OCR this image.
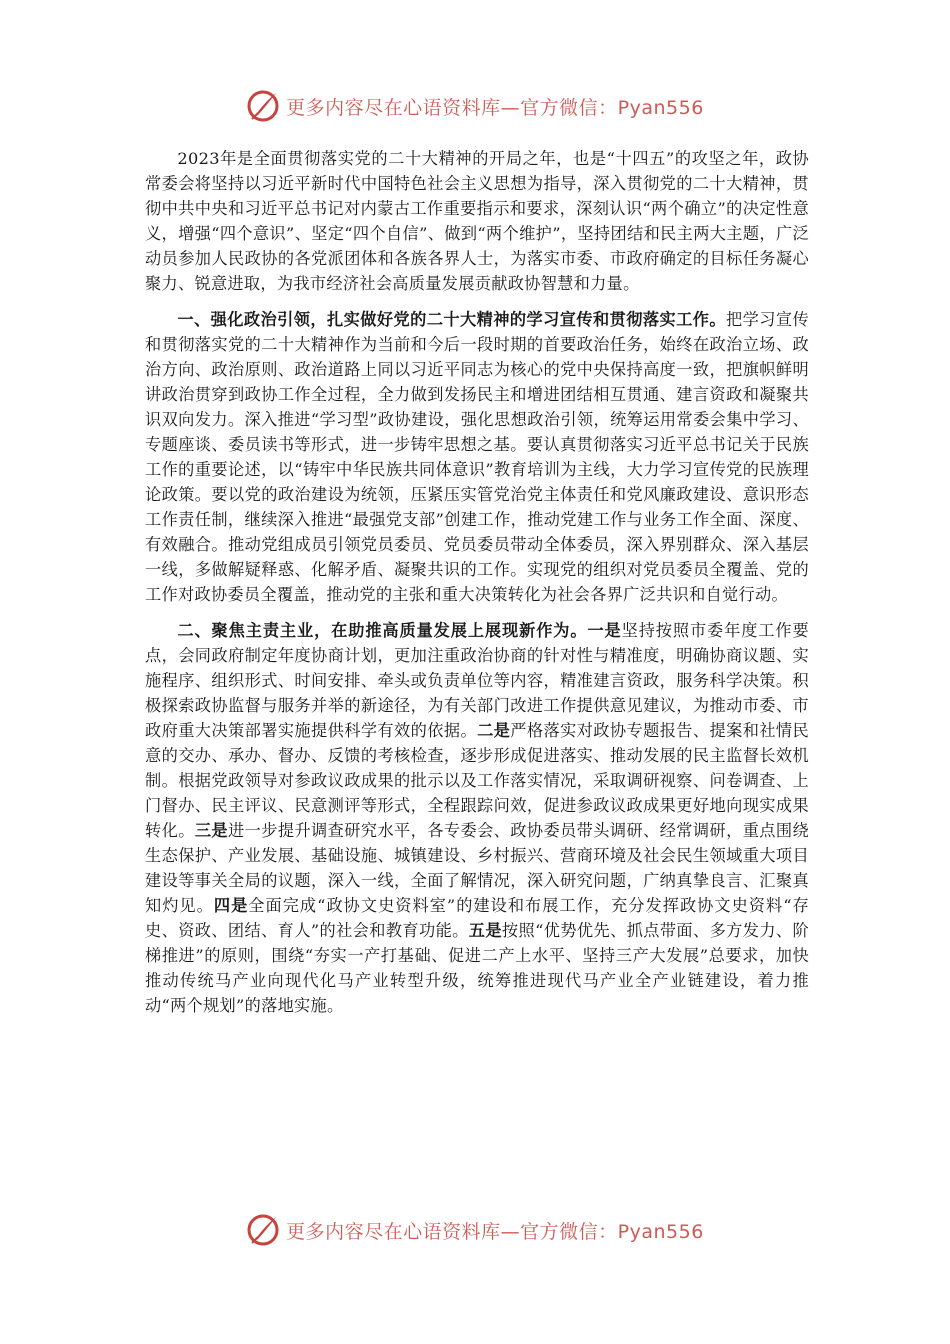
更多内容尽在心语资料库—官方微信：Pyan556

2023年是全面贯彻落实党的二十大精神的开局之年，也是“十四五”的攻坚之年，政协常委会将坚持以习近平新时代中国特色社会主义思想为指导，深入贯彻党的二十大精神，贯彻中共中央和习近平总书记对内蒙古工作重要指示和要求，深刻认识“两个确立”的决定性意义，增强“四个意识”、坚定“四个自信”、做到“两个维护”，坚持团结和民主两大主题，广泛动员参加人民政协的各党派团体和各族各界人士，为落实市委、市政府确定的目标任务凝心聚力、锐意进取，为我市经济社会高质量发展贡献政协智慧和力量。

一、强化政治引领，扎实做好党的二十大精神的学习宣传和贯彻落实工作。把学习宣传和贯彻落实党的二十大精神作为当前和今后一段时期的首要政治任务，始终在政治立场、政治方向、政治原则、政治道路上同以习近平同志为核心的党中央保持高度一致，把旗帜鲜明讲政治贯穿到政协工作全过程，全力做到发扬民主和增进团结相互贯通、建言资政和凝聚共识双向发力。深入推进“学习型”政协建设，强化思想政治引领，统筹运用常委会集中学习、专题座谈、委员读书等形式，进一步铸牢思想之基。要认真贯彻落实习近平总书记关于民族工作的重要论述，以“铸牢中华民族共同体意识”教育培训为主线，大力学习宣传党的民族理论政策。要以党的政治建设为统领，压紧压实管党治党主体责任和党风廉政建设、意识形态工作责任制，继续深入推进“最强党支部”创建工作，推动党建工作与业务工作全面、深度、有效融合。推动党组成员引领党员委员、党员委员带动全体委员，深入界别群众、深入基层一线，多做解疑释惑、化解矛盾、凝聚共识的工作。实现党的组织对党员委员全覆盖、党的工作对政协委员全覆盖，推动党的主张和重大决策转化为社会各界广泛共识和自觉行动。

二、聚焦主责主业，在助推高质量发展上展现新作为。一是坚持按照市委年度工作要点，会同政府制定年度协商计划，更加注重政治协商的针对性与精准度，明确协商议题、实施程序、组织形式、时间安排、牵头或负责单位等内容，精准建言资政，服务科学决策。积极探索政协监督与服务并举的新途径，为有关部门改进工作提供意见建议，为推动市委、市政府重大决策部署实施提供科学有效的依据。二是严格落实对政协专题报告、提案和社情民意的交办、承办、督办、反馈的考核检查，逐步形成促进落实、推动发展的民主监督长效机制。根据党政领导对参政议政成果的批示以及工作落实情况，采取调研视察、问卷调查、上门督办、民主评议、民意测评等形式，全程跟踪问效，促进参政议政成果更好地向现实成果转化。三是进一步提升调查研究水平，各专委会、政协委员带头调研、经常调研，重点围绕生态保护、产业发展、基础设施、城镇建设、乡村振兴、营商环境及社会民生领域重大项目建设等事关全局的议题，深入一线，全面了解情况，深入研究问题，广纳真挚良言、汇聚真知灼见。四是全面完成“政协文史资料室”的建设和布展工作，充分发挥政协文史资料“存史、资政、团结、育人”的社会和教育功能。五是按照“优势优先、抓点带面、多方发力、阶梯推进”的原则，围绕“夯实一产打基础、促进二产上水平、坚持三产大发展”总要求，加快推动传统马产业向现代化马产业转型升级，统筹推进现代马产业全产业链建设，着力推动“两个规划”的落地实施。

更多内容尽在心语资料库—官方微信：Pyan556
